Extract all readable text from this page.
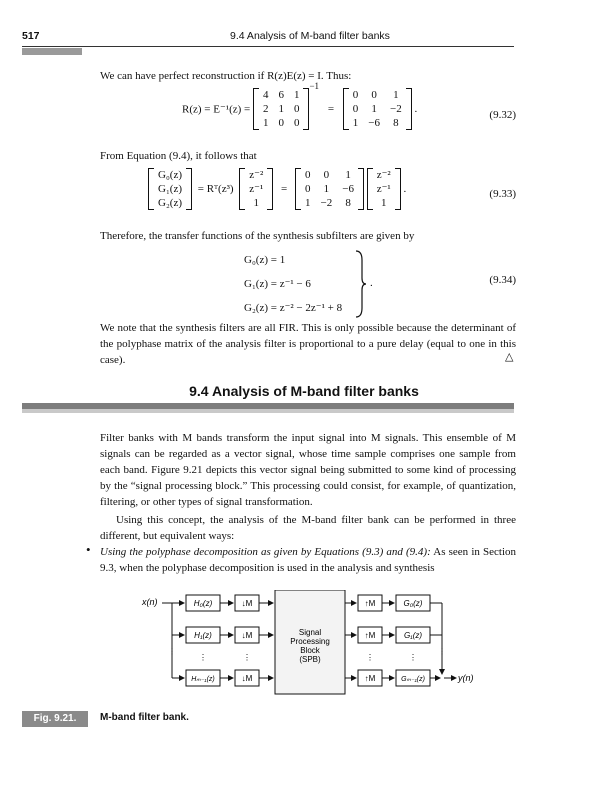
517	9.4 Analysis of M-band filter banks
We can have perfect reconstruction if R(z)E(z) = I. Thus:
R(z) = E⁻¹(z) =
4	6	1
2	1	0
1	0	0
$^{-1}$ =
0	0	1
0	1	−2
1	−6	8
.	(9.32)
From Equation (9.4), it follows that
G₀(z)
G₁(z)
G₂(z)
= Rᵀ(z³)
z⁻²
z⁻¹
1
=
0	0	1
0	1	−6
1	−2	8

z⁻²
z⁻¹
1
.	(9.33)
Therefore, the transfer functions of the synthesis subfilters are given by
G₀(z) = 1
G₁(z) = z⁻¹ − 6
G₂(z) = z⁻² − 2z⁻¹ + 8
.	(9.34)
We note that the synthesis filters are all FIR. This is only possible because the determinant of the polyphase matrix of the analysis filter is proportional to a pure delay (equal to one in this case).	△
9.4 Analysis of M-band filter banks
Filter banks with M bands transform the input signal into M signals. This ensemble of M signals can be regarded as a vector signal, whose time sample comprises one sample from each band. Figure 9.21 depicts this vector signal being submitted to some kind of processing by the “signal processing block.” This processing could consist, for example, of quantization, filtering, or other types of signal transformation.
Using this concept, the analysis of the M-band filter bank can be performed in three different, but equivalent ways:
• Using the polyphase decomposition as given by Equations (9.3) and (9.4): As seen in Section 9.3, when the polyphase decomposition is used in the analysis and synthesis
x(n)	H₀(z)
H₁(z)
Hₘ₋₁(z)
↓M
↓M
↓M
⋮
⋮	⋮
Signal
Processing
Block
(SPB)
↑M
↑M
↑M
⋮
G₀(z)
G₁(z)
Gₘ₋₁(z)
⋮
⋮
y(n)
Fig. 9.21.	M-band filter bank.
